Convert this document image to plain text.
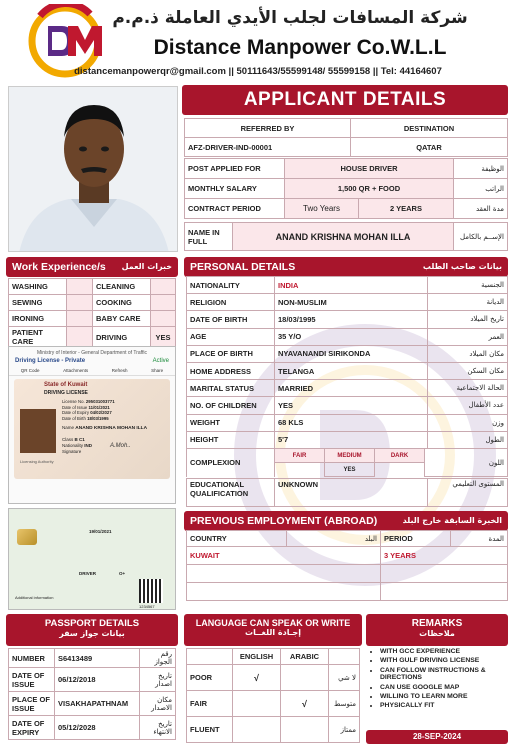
شركة المسافات لجلب الأيدي العاملة ذ.م.م
Distance Manpower Co.W.L.L
distancemanpowerqr@gmail.com || 50111643/55599148/ 55599158 || Tel: 44164607
APPLICANT DETAILS
REFERRED BY	DESTINATION
AFZ-DRIVER-IND-00001	QATAR
POST APPLIED FOR	HOUSE DRIVER		الوظيفة
MONTHLY SALARY	1,500 QR + FOOD		الراتب
CONTRACT PERIOD	Two Years	2 YEARS	مدة العقد
NAME IN FULL	ANAND KRISHNA MOHAN ILLA	الإســم بالكامل
Work Experience/s خبرات العمل
WASHING		CLEANING	
SEWING		COOKING	
IRONING		BABY CARE	
PATIENT CARE		DRIVING	YES
Ministry of Interior - General Department of Traffic
Driving License - Private	Active
QR Code	Attachments	Refresh	Share
State of Kuwait
DRIVING LICENSE
License No. 295031003771
Date of Issue 11/01/2021
Date of Expiry 04/02/2027
Date of Birth 18/03/1995
Name ANAND KRISHNA MOHAN ILLA
Class B C1
Nationality IND
Signature
A.Moh..
Licensing Authority
19/01/2021
DRIVER	O+
Additional information
1234567
PERSONAL DETAILS	بيانات صاحب الطلب
NATIONALITY	INDIA	الجنسية
RELIGION	NON-MUSLIM	الديانة
DATE OF BIRTH	18/03/1995	تاريخ الميلاد
AGE	35 Y/O	العمر
PLACE OF BIRTH	NYAVANANDI SIRIKONDA	مكان الميلاد
HOME ADDRESS	TELANGA	مكان السكن
MARITAL STATUS	MARRIED	الحالة الاجتماعية
NO. OF CHILDREN	YES	عدد الأطفال
WEIGHT	68 KLS	وزن
HEIGHT	5'7	الطول
COMPLEXION	FAIR	MEDIUM	DARK	اللون
		YES		
EDUCATIONAL QUALIFICATION	UNKNOWN	المستوى التعليمي
PREVIOUS EMPLOYMENT (ABROAD)	الخبرة السابقة خارج البلد
COUNTRY	البلد	PERIOD	المدة
KUWAIT		3 YEARS	

PASSPORT DETAILS
بيانات جواز سفر
NUMBER	S6413489	رقم الجواز
DATE OF ISSUE	06/12/2018	تاريخ اصدار
PLACE OF ISSUE	VISAKHAPATHNAM	مكان الاصدار
DATE OF EXPIRY	05/12/2028	تاريخ الانتهاء
LANGUAGE CAN SPEAK OR WRITE
إجـادة اللغــات
	ENGLISH	ARABIC	
POOR	√		لا شي
FAIR		√	متوسط
FLUENT			ممتاز
REMARKS
ملاحظات
• WITH GCC EXPERIENCE
• WITH GULF DRIVING LICENSE
• CAN FOLLOW INSTRUCTIONS & DIRECTIONS
• CAN USE GOOGLE MAP
• WILLING TO LEARN MORE
• PHYSICALLY FIT
28-SEP-2024
